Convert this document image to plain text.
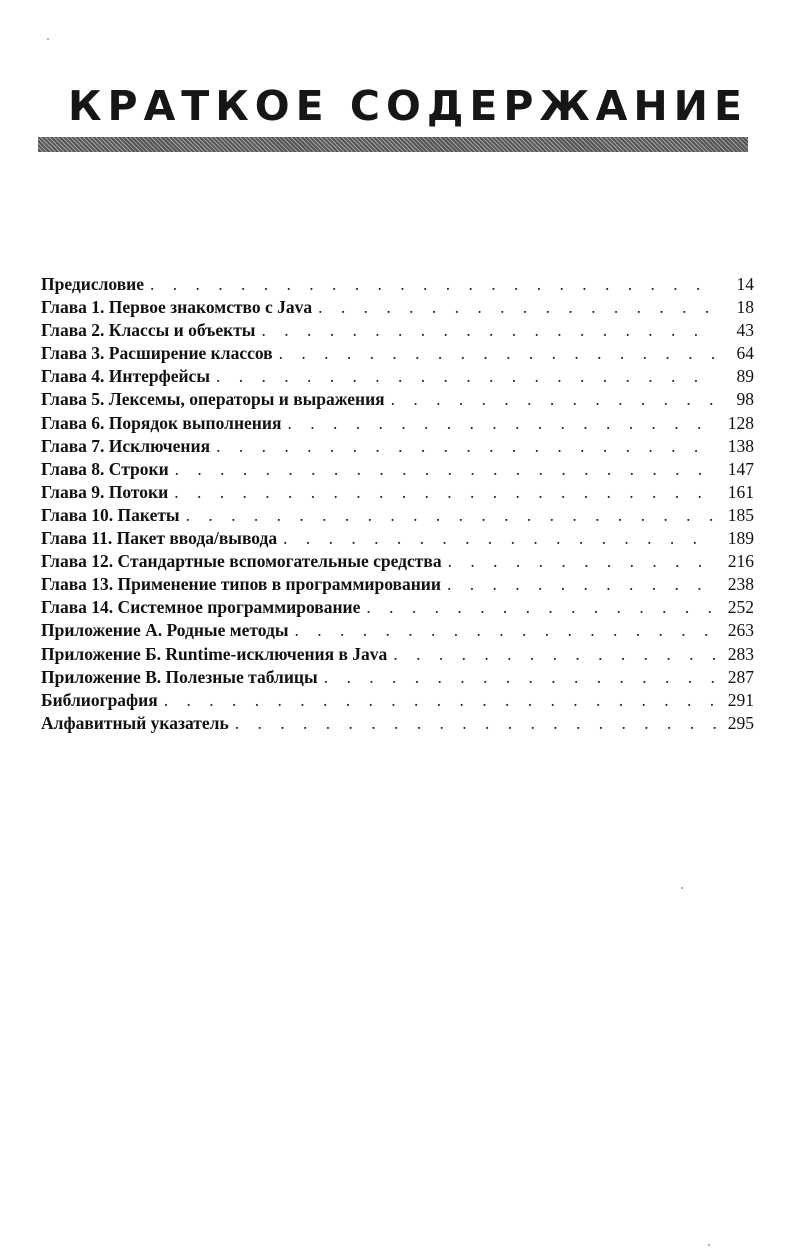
КРАТКОЕ СОДЕРЖАНИЕ
Предисловие . . .	14
Глава 1. Первое знакомство с Java . . .	18
Глава 2. Классы и объекты . . .	43
Глава 3. Расширение классов . . .	64
Глава 4. Интерфейсы . . .	89
Глава 5. Лексемы, операторы и выражения . . .	98
Глава 6. Порядок выполнения . . .	128
Глава 7. Исключения . . .	138
Глава 8. Строки . . .	147
Глава 9. Потоки . . .	161
Глава 10. Пакеты . . .	185
Глава 11. Пакет ввода/вывода . . .	189
Глава 12. Стандартные вспомогательные средства . . .	216
Глава 13. Применение типов в программировании . . .	238
Глава 14. Системное программирование . . .	252
Приложение А. Родные методы . . .	263
Приложение Б. Runtime-исключения в Java . . .	283
Приложение В. Полезные таблицы . . .	287
Библиография . . .	291
Алфавитный указатель . . .	295
